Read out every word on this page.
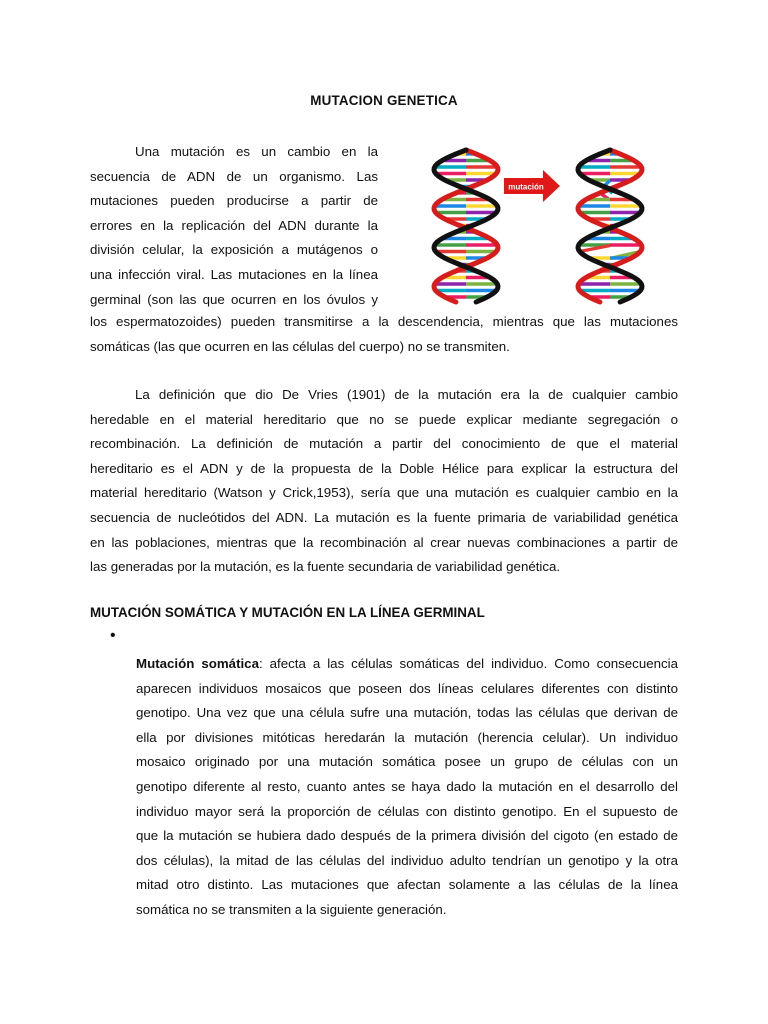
MUTACION GENETICA
Una mutación es un cambio en la
secuencia de ADN de un organismo. Las
mutaciones pueden producirse a partir de
errores en la replicación del ADN durante la
división celular, la exposición a mutágenos o
una infección viral. Las mutaciones en la línea
germinal (son las que ocurren en los óvulos y
mutación
los espermatozoides) pueden transmitirse a la descendencia, mientras que las mutaciones
somáticas (las que ocurren en las células del cuerpo) no se transmiten.
La definición que dio De Vries (1901) de la mutación era la de cualquier cambio
heredable en el material hereditario que no se puede explicar mediante segregación o
recombinación. La definición de mutación a partir del conocimiento de que el material
hereditario es el ADN y de la propuesta de la Doble Hélice para explicar la estructura del
material hereditario (Watson y Crick,1953), sería que una mutación es cualquier cambio en la
secuencia de nucleótidos del ADN. La mutación es la fuente primaria de variabilidad genética
en las poblaciones, mientras que la recombinación al crear nuevas combinaciones a partir de
las generadas por la mutación, es la fuente secundaria de variabilidad genética.
MUTACIÓN SOMÁTICA Y MUTACIÓN EN LA LÍNEA GERMINAL
•
Mutación somática: afecta a las células somáticas del individuo. Como consecuencia
aparecen individuos mosaicos que poseen dos líneas celulares diferentes con distinto
genotipo. Una vez que una célula sufre una mutación, todas las células que derivan de
ella por divisiones mitóticas heredarán la mutación (herencia celular). Un individuo
mosaico originado por una mutación somática posee un grupo de células con un
genotipo diferente al resto, cuanto antes se haya dado la mutación en el desarrollo del
individuo mayor será la proporción de células con distinto genotipo. En el supuesto de
que la mutación se hubiera dado después de la primera división del cigoto (en estado de
dos células), la mitad de las células del individuo adulto tendrían un genotipo y la otra
mitad otro distinto. Las mutaciones que afectan solamente a las células de la línea
somática no se transmiten a la siguiente generación.
